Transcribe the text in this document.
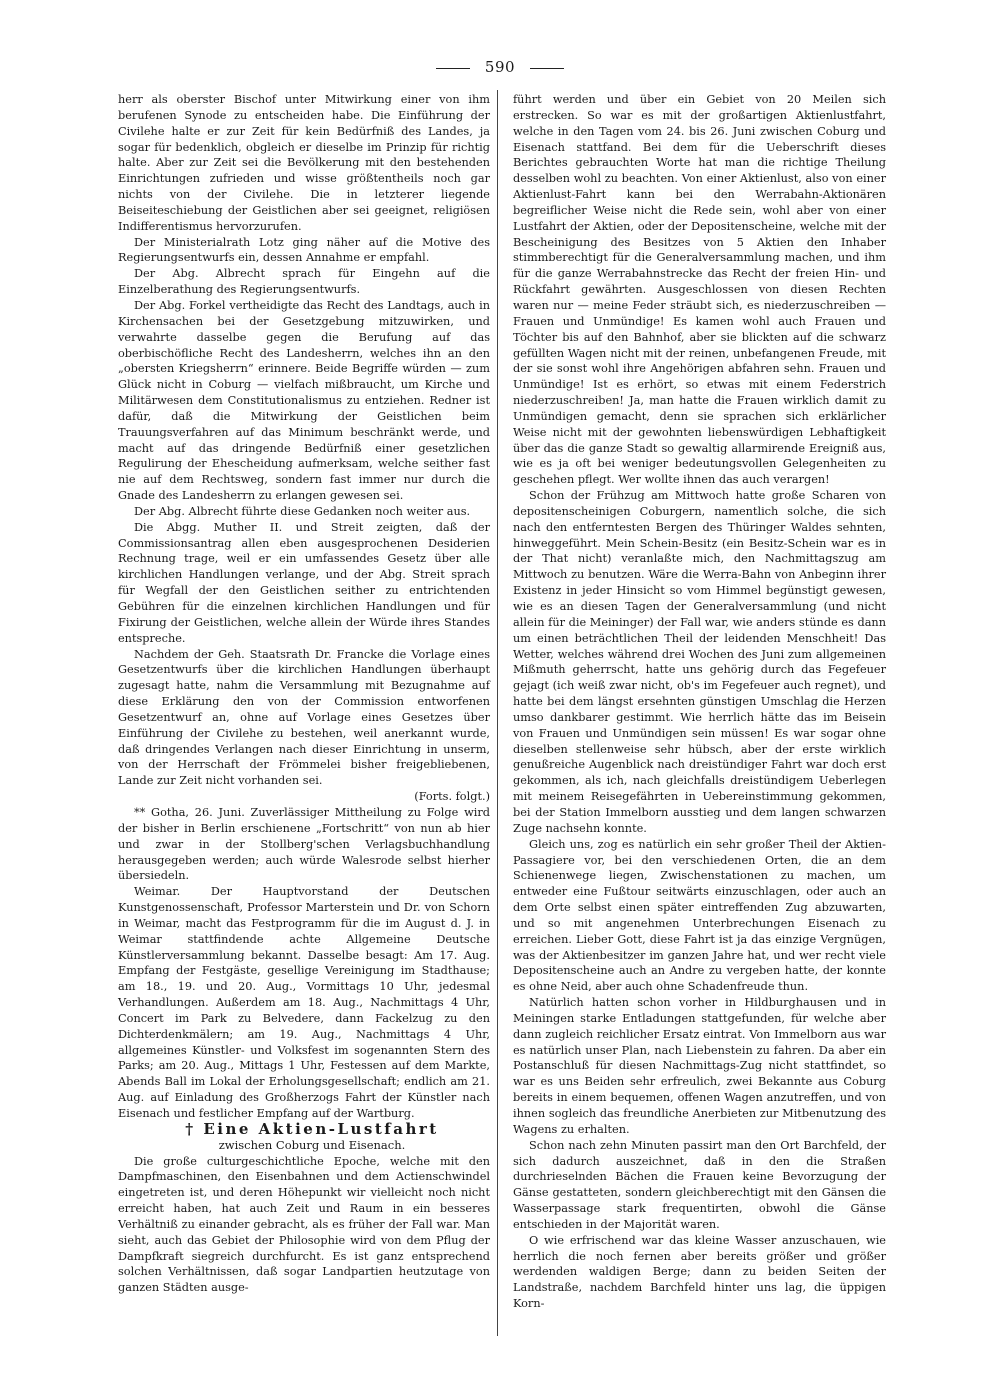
590

herr als oberster Bischof unter Mitwirkung einer von ihm berufenen Synode zu entscheiden habe. Die Einführung der Civilehe halte er zur Zeit für kein Bedürfniß des Landes, ja sogar für bedenklich, obgleich er dieselbe im Prinzip für richtig halte. Aber zur Zeit sei die Bevölkerung mit den bestehenden Einrichtungen zufrieden und wisse größtentheils noch gar nichts von der Civilehe. Die in letzterer liegende Beiseiteschiebung der Geistlichen aber sei geeignet, religiösen Indifferentismus hervorzurufen.

Der Ministerialrath Lotz ging näher auf die Motive des Regierungsentwurfs ein, dessen Annahme er empfahl.

Der Abg. Albrecht sprach für Eingehn auf die Einzelberathung des Regierungsentwurfs.

Der Abg. Forkel vertheidigte das Recht des Landtags, auch in Kirchensachen bei der Gesetzgebung mitzuwirken, und verwahrte dasselbe gegen die Berufung auf das oberbischöfliche Recht des Landesherrn, welches ihn an den „obersten Kriegsherrn“ erinnere. Beide Begriffe würden — zum Glück nicht in Coburg — vielfach mißbraucht, um Kirche und Militärwesen dem Constitutionalismus zu entziehen. Redner ist dafür, daß die Mitwirkung der Geistlichen beim Trauungsverfahren auf das Minimum beschränkt werde, und macht auf das dringende Bedürfniß einer gesetzlichen Regulirung der Ehescheidung aufmerksam, welche seither fast nie auf dem Rechtsweg, sondern fast immer nur durch die Gnade des Landesherrn zu erlangen gewesen sei.

Der Abg. Albrecht führte diese Gedanken noch weiter aus.

Die Abgg. Muther II. und Streit zeigten, daß der Commissionsantrag allen eben ausgesprochenen Desiderien Rechnung trage, weil er ein umfassendes Gesetz über alle kirchlichen Handlungen verlange, und der Abg. Streit sprach für Wegfall der den Geistlichen seither zu entrichtenden Gebühren für die einzelnen kirchlichen Handlungen und für Fixirung der Geistlichen, welche allein der Würde ihres Standes entspreche.

Nachdem der Geh. Staatsrath Dr. Francke die Vorlage eines Gesetzentwurfs über die kirchlichen Handlungen überhaupt zugesagt hatte, nahm die Versammlung mit Bezugnahme auf diese Erklärung den von der Commission entworfenen Gesetzentwurf an, ohne auf Vorlage eines Gesetzes über Einführung der Civilehe zu bestehen, weil anerkannt wurde, daß dringendes Verlangen nach dieser Einrichtung in unserm, von der Herrschaft der Frömmelei bisher freigebliebenen, Lande zur Zeit nicht vorhanden sei.

(Forts. folgt.)

** Gotha, 26. Juni. Zuverlässiger Mittheilung zu Folge wird der bisher in Berlin erschienene „Fortschritt“ von nun ab hier und zwar in der Stollberg'schen Verlagsbuchhandlung herausgegeben werden; auch würde Walesrode selbst hierher übersiedeln.

Weimar. Der Hauptvorstand der Deutschen Kunstgenossenschaft, Professor Marterstein und Dr. von Schorn in Weimar, macht das Festprogramm für die im August d. J. in Weimar stattfindende achte Allgemeine Deutsche Künstlerversammlung bekannt. Dasselbe besagt: Am 17. Aug. Empfang der Festgäste, gesellige Vereinigung im Stadthause; am 18., 19. und 20. Aug., Vormittags 10 Uhr, jedesmal Verhandlungen. Außerdem am 18. Aug., Nachmittags 4 Uhr, Concert im Park zu Belvedere, dann Fackelzug zu den Dichterdenkmälern; am 19. Aug., Nachmittags 4 Uhr, allgemeines Künstler- und Volksfest im sogenannten Stern des Parks; am 20. Aug., Mittags 1 Uhr, Festessen auf dem Markte, Abends Ball im Lokal der Erholungsgesellschaft; endlich am 21. Aug. auf Einladung des Großherzogs Fahrt der Künstler nach Eisenach und festlicher Empfang auf der Wartburg.

† Eine Aktien-Lustfahrt

zwischen Coburg und Eisenach.

Die große culturgeschichtliche Epoche, welche mit den Dampfmaschinen, den Eisenbahnen und dem Actienschwindel eingetreten ist, und deren Höhepunkt wir vielleicht noch nicht erreicht haben, hat auch Zeit und Raum in ein besseres Verhältniß zu einander gebracht, als es früher der Fall war. Man sieht, auch das Gebiet der Philosophie wird von dem Pflug der Dampfkraft siegreich durchfurcht. Es ist ganz entsprechend solchen Verhältnissen, daß sogar Landpartien heutzutage von ganzen Städten ausge-

führt werden und über ein Gebiet von 20 Meilen sich erstrecken. So war es mit der großartigen Aktienlustfahrt, welche in den Tagen vom 24. bis 26. Juni zwischen Coburg und Eisenach stattfand. Bei dem für die Ueberschrift dieses Berichtes gebrauchten Worte hat man die richtige Theilung desselben wohl zu beachten. Von einer Aktienlust, also von einer Aktienlust-Fahrt kann bei den Werrabahn-Aktionären begreiflicher Weise nicht die Rede sein, wohl aber von einer Lustfahrt der Aktien, oder der Depositenscheine, welche mit der Bescheinigung des Besitzes von 5 Aktien den Inhaber stimmberechtigt für die Generalversammlung machen, und ihm für die ganze Werrabahnstrecke das Recht der freien Hin- und Rückfahrt gewährten. Ausgeschlossen von diesen Rechten waren nur — meine Feder sträubt sich, es niederzuschreiben — Frauen und Unmündige! Es kamen wohl auch Frauen und Töchter bis auf den Bahnhof, aber sie blickten auf die schwarz gefüllten Wagen nicht mit der reinen, unbefangenen Freude, mit der sie sonst wohl ihre Angehörigen abfahren sehn. Frauen und Unmündige! Ist es erhört, so etwas mit einem Federstrich niederzuschreiben! Ja, man hatte die Frauen wirklich damit zu Unmündigen gemacht, denn sie sprachen sich erklärlicher Weise nicht mit der gewohnten liebenswürdigen Lebhaftigkeit über das die ganze Stadt so gewaltig allarmirende Ereigniß aus, wie es ja oft bei weniger bedeutungsvollen Gelegenheiten zu geschehen pflegt. Wer wollte ihnen das auch verargen!

Schon der Frühzug am Mittwoch hatte große Scharen von depositenscheinigen Coburgern, namentlich solche, die sich nach den entferntesten Bergen des Thüringer Waldes sehnten, hinweggeführt. Mein Schein-Besitz (ein Besitz-Schein war es in der That nicht) veranlaßte mich, den Nachmittagszug am Mittwoch zu benutzen. Wäre die Werra-Bahn von Anbeginn ihrer Existenz in jeder Hinsicht so vom Himmel begünstigt gewesen, wie es an diesen Tagen der Generalversammlung (und nicht allein für die Meininger) der Fall war, wie anders stünde es dann um einen beträchtlichen Theil der leidenden Menschheit! Das Wetter, welches während drei Wochen des Juni zum allgemeinen Mißmuth geherrscht, hatte uns gehörig durch das Fegefeuer gejagt (ich weiß zwar nicht, ob's im Fegefeuer auch regnet), und hatte bei dem längst ersehnten günstigen Umschlag die Herzen umso dankbarer gestimmt. Wie herrlich hätte das im Beisein von Frauen und Unmündigen sein müssen! Es war sogar ohne dieselben stellenweise sehr hübsch, aber der erste wirklich genußreiche Augenblick nach dreistündiger Fahrt war doch erst gekommen, als ich, nach gleichfalls dreistündigem Ueberlegen mit meinem Reisegefährten in Uebereinstimmung gekommen, bei der Station Immelborn ausstieg und dem langen schwarzen Zuge nachsehn konnte.

Gleich uns, zog es natürlich ein sehr großer Theil der Aktien-Passagiere vor, bei den verschiedenen Orten, die an dem Schienenwege liegen, Zwischenstationen zu machen, um entweder eine Fußtour seitwärts einzuschlagen, oder auch an dem Orte selbst einen später eintreffenden Zug abzuwarten, und so mit angenehmen Unterbrechungen Eisenach zu erreichen. Lieber Gott, diese Fahrt ist ja das einzige Vergnügen, was der Aktienbesitzer im ganzen Jahre hat, und wer recht viele Depositenscheine auch an Andre zu vergeben hatte, der konnte es ohne Neid, aber auch ohne Schadenfreude thun.

Natürlich hatten schon vorher in Hildburghausen und in Meiningen starke Entladungen stattgefunden, für welche aber dann zugleich reichlicher Ersatz eintrat. Von Immelborn aus war es natürlich unser Plan, nach Liebenstein zu fahren. Da aber ein Postanschluß für diesen Nachmittags-Zug nicht stattfindet, so war es uns Beiden sehr erfreulich, zwei Bekannte aus Coburg bereits in einem bequemen, offenen Wagen anzutreffen, und von ihnen sogleich das freundliche Anerbieten zur Mitbenutzung des Wagens zu erhalten.

Schon nach zehn Minuten passirt man den Ort Barchfeld, der sich dadurch auszeichnet, daß in den die Straßen durchrieselnden Bächen die Frauen keine Bevorzugung der Gänse gestatteten, sondern gleichberechtigt mit den Gänsen die Wasserpassage stark frequentirten, obwohl die Gänse entschieden in der Majorität waren.

O wie erfrischend war das kleine Wasser anzuschauen, wie herrlich die noch fernen aber bereits größer und größer werdenden waldigen Berge; dann zu beiden Seiten der Landstraße, nachdem Barchfeld hinter uns lag, die üppigen Korn-
